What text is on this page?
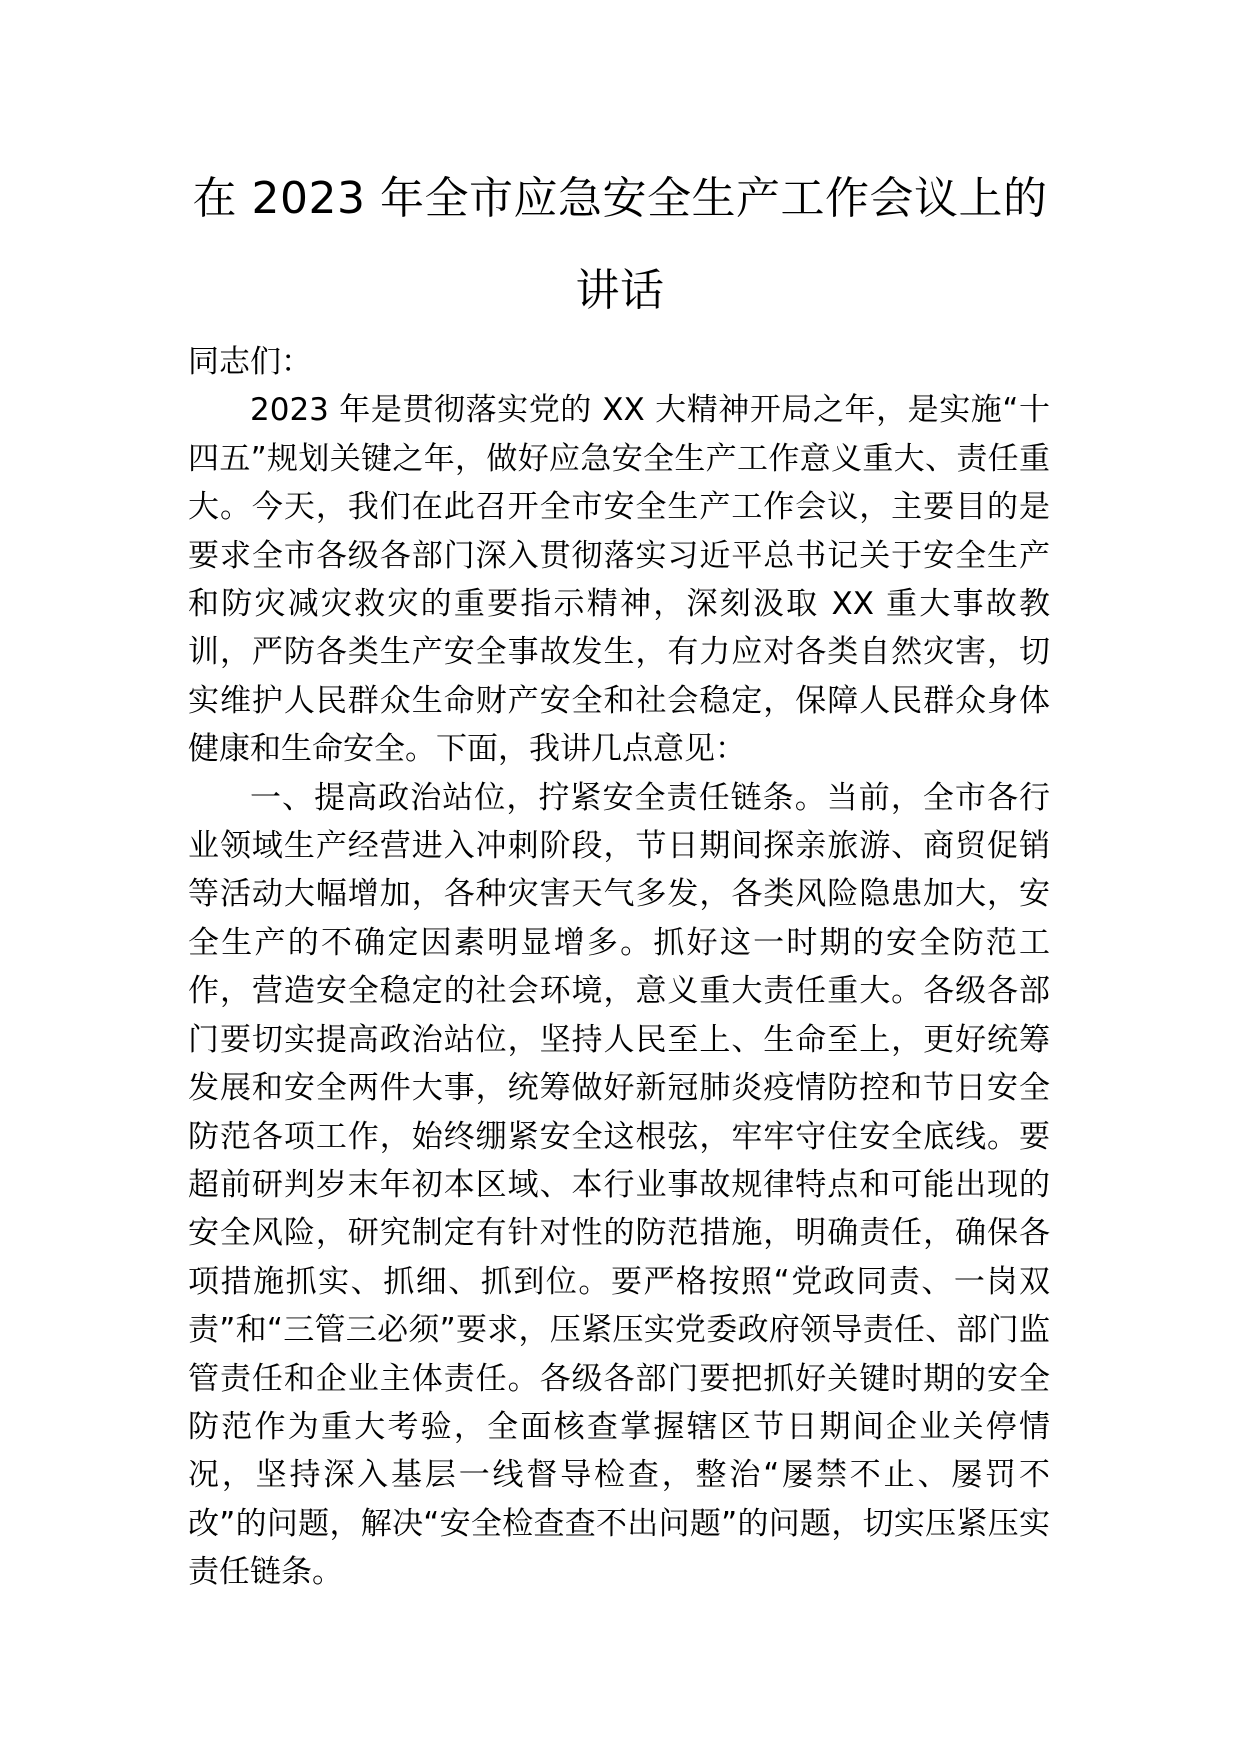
在 2023 年全市应急安全生产工作会议上的
讲话

同志们：

2023 年是贯彻落实党的 XX 大精神开局之年，是实施“十四五”规划关键之年，做好应急安全生产工作意义重大、责任重大。今天，我们在此召开全市安全生产工作会议，主要目的是要求全市各级各部门深入贯彻落实习近平总书记关于安全生产和防灾减灾救灾的重要指示精神，深刻汲取 XX 重大事故教训，严防各类生产安全事故发生，有力应对各类自然灾害，切实维护人民群众生命财产安全和社会稳定，保障人民群众身体健康和生命安全。下面，我讲几点意见：

一、提高政治站位，拧紧安全责任链条。当前，全市各行业领域生产经营进入冲刺阶段，节日期间探亲旅游、商贸促销等活动大幅增加，各种灾害天气多发，各类风险隐患加大，安全生产的不确定因素明显增多。抓好这一时期的安全防范工作，营造安全稳定的社会环境，意义重大责任重大。各级各部门要切实提高政治站位，坚持人民至上、生命至上，更好统筹发展和安全两件大事，统筹做好新冠肺炎疫情防控和节日安全防范各项工作，始终绷紧安全这根弦，牢牢守住安全底线。要超前研判岁末年初本区域、本行业事故规律特点和可能出现的安全风险，研究制定有针对性的防范措施，明确责任，确保各项措施抓实、抓细、抓到位。要严格按照“党政同责、一岗双责”和“三管三必须”要求，压紧压实党委政府领导责任、部门监管责任和企业主体责任。各级各部门要把抓好关键时期的安全防范作为重大考验，全面核查掌握辖区节日期间企业关停情况，坚持深入基层一线督导检查，整治“屡禁不止、屡罚不改”的问题，解决“安全检查查不出问题”的问题，切实压紧压实责任链条。
